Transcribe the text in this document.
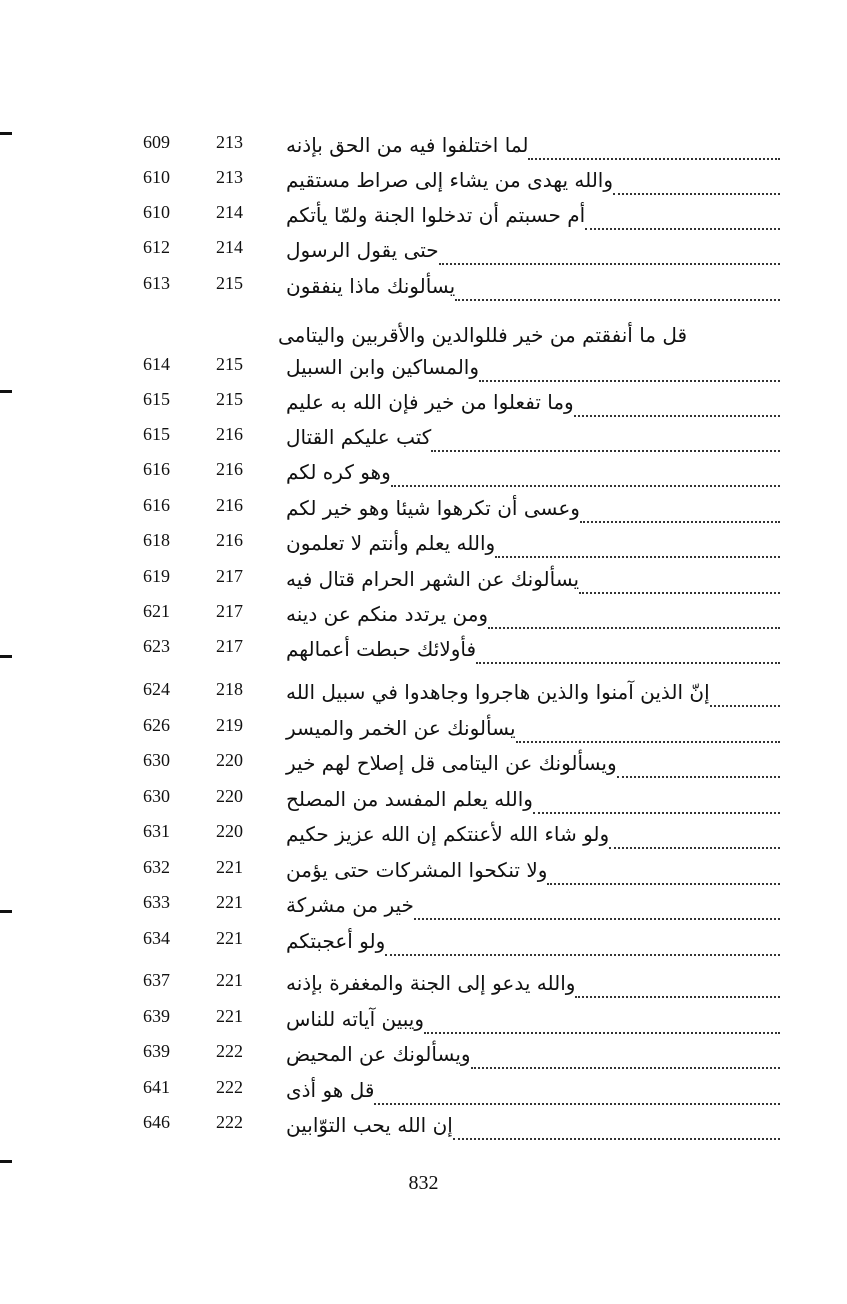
609	213	لما اختلفوا فيه من الحق بإذنه
610	213	والله يهدى من يشاء إلى صراط مستقيم
610	214	أم حسبتم أن تدخلوا الجنة ولمّا يأتكم
612	214	حتى يقول الرسول
613	215	يسألونك ماذا ينفقون
قل ما أنفقتم من خير فللوالدين والأقربين واليتامى
614	215	والمساكين وابن السبيل
615	215	وما تفعلوا من خير فإن الله به عليم
615	216	كتب عليكم القتال
616	216	وهو كره لكم
616	216	وعسى أن تكرهوا شيئا وهو خير لكم
618	216	والله يعلم وأنتم لا تعلمون
619	217	يسألونك عن الشهر الحرام قتال فيه
621	217	ومن يرتدد منكم عن دينه
623	217	فأولائك حبطت أعمالهم
624	218	إنّ الذين آمنوا والذين هاجروا وجاهدوا في سبيل الله
626	219	يسألونك عن الخمر والميسر
630	220	ويسألونك عن اليتامى قل إصلاح لهم خير
630	220	والله يعلم المفسد من المصلح
631	220	ولو شاء الله لأعنتكم إن الله عزيز حكيم
632	221	ولا تنكحوا المشركات حتى يؤمن
633	221	خير من مشركة
634	221	ولو أعجبتكم
637	221	والله يدعو إلى الجنة والمغفرة بإذنه
639	221	ويبين آياته للناس
639	222	ويسألونك عن المحيض
641	222	قل هو أذى
646	222	إن الله يحب التوّابين
832
